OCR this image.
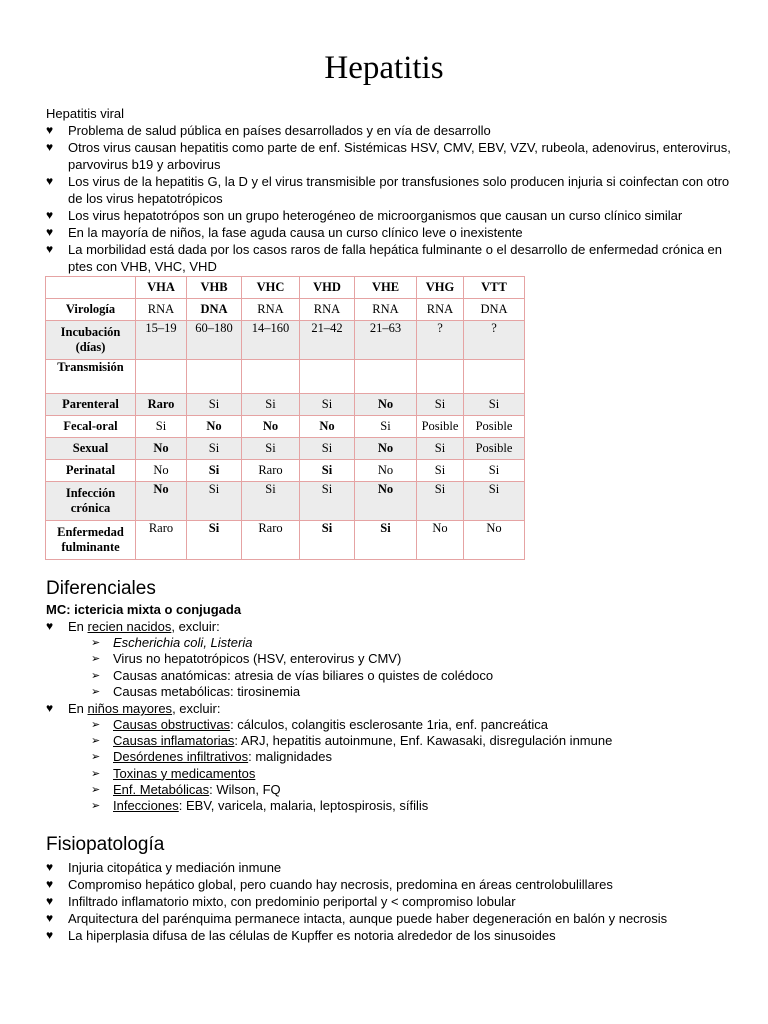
Hepatitis

Hepatitis viral

♥ Problema de salud pública en países desarrollados y en vía de desarrollo
♥ Otros virus causan hepatitis como parte de enf. Sistémicas HSV, CMV, EBV, VZV, rubeola, adenovirus, enterovirus, parvovirus b19 y arbovirus
♥ Los virus de la hepatitis G, la D y el virus transmisible por transfusiones solo producen injuria si coinfectan con otro de los virus hepatotrópicos
♥ Los virus hepatotrópos son un grupo heterogéneo de microorganismos que causan un curso clínico similar
♥ En la mayoría de niños, la fase aguda causa un curso clínico leve o inexistente
♥ La morbilidad está dada por los casos raros de falla hepática fulminante o el desarrollo de enfermedad crónica en ptes con VHB, VHC, VHD
	VHA	VHB	VHC	VHD	VHE	VHG	VTT
Virología	RNA	DNA	RNA	RNA	RNA	RNA	DNA
Incubación (días)	15–19	60–180	14–160	21–42	21–63	?	?
Transmisión							
Parenteral	Raro	Si	Si	Si	No	Si	Si
Fecal-oral	Si	No	No	No	Si	Posible	Posible
Sexual	No	Si	Si	Si	No	Si	Posible
Perinatal	No	Si	Raro	Si	No	Si	Si
Infección crónica	No	Si	Si	Si	No	Si	Si
Enfermedad fulminante	Raro	Si	Raro	Si	Si	No	No
Diferenciales

MC: ictericia mixta o conjugada

♥ En recien nacidos, excluir:
➢ Escherichia coli, Listeria
➢ Virus no hepatotrópicos (HSV, enterovirus y CMV)
➢ Causas anatómicas: atresia de vías biliares o quistes de colédoco
➢ Causas metabólicas: tirosinemia
♥ En niños mayores, excluir:
➢ Causas obstructivas: cálculos, colangitis esclerosante 1ria, enf. pancreática
➢ Causas inflamatorias: ARJ, hepatitis autoinmune, Enf. Kawasaki, disregulación inmune
➢ Desórdenes infiltrativos: malignidades
➢ Toxinas y medicamentos
➢ Enf. Metabólicas: Wilson, FQ
➢ Infecciones: EBV, varicela, malaria, leptospirosis, sífilis
Fisiopatología
♥ Injuria citopática y mediación inmune
♥ Compromiso hepático global, pero cuando hay necrosis, predomina en áreas centrolobulillares
♥ Infiltrado inflamatorio mixto, con predominio periportal y < compromiso lobular
♥ Arquitectura del parénquima permanece intacta, aunque puede haber degeneración en balón y necrosis
♥ La hiperplasia difusa de las células de Kupffer es notoria alrededor de los sinusoides
